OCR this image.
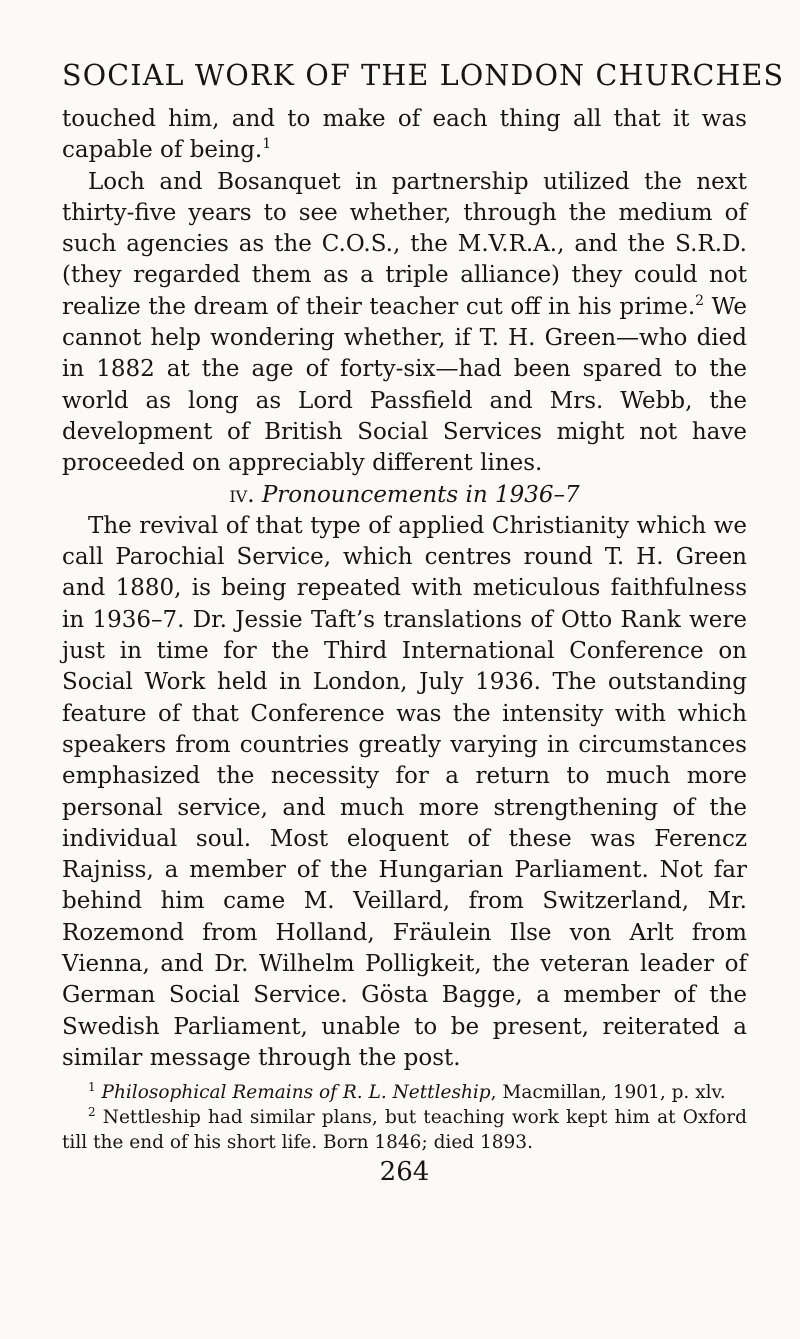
SOCIAL WORK OF THE LONDON CHURCHES

touched him, and to make of each thing all that it was capable of being.$^1$

Loch and Bosanquet in partnership utilized the next thirty-five years to see whether, through the medium of such agencies as the C.O.S., the M.V.R.A., and the S.R.D. (they regarded them as a triple alliance) they could not realize the dream of their teacher cut off in his prime.$^2$ We cannot help wondering whether, if T. H. Green—who died in 1882 at the age of forty-six—had been spared to the world as long as Lord Passfield and Mrs. Webb, the development of British Social Services might not have proceeded on appreciably different lines.

iv. Pronouncements in 1936–7

The revival of that type of applied Christianity which we call Parochial Service, which centres round T. H. Green and 1880, is being repeated with meticulous faithfulness in 1936–7. Dr. Jessie Taft’s translations of Otto Rank were just in time for the Third International Conference on Social Work held in London, July 1936. The outstanding feature of that Conference was the intensity with which speakers from countries greatly varying in circumstances emphasized the necessity for a return to much more personal service, and much more strengthening of the individual soul. Most eloquent of these was Ferencz Rajniss, a member of the Hungarian Parliament. Not far behind him came M. Veillard, from Switzerland, Mr. Rozemond from Holland, Fräulein Ilse von Arlt from Vienna, and Dr. Wilhelm Polligkeit, the veteran leader of German Social Service. Gösta Bagge, a member of the Swedish Parliament, unable to be present, reiterated a similar message through the post.

$^1$ Philosophical Remains of R. L. Nettleship, Macmillan, 1901, p. xlv.

$^2$ Nettleship had similar plans, but teaching work kept him at Oxford till the end of his short life. Born 1846; died 1893.

264
